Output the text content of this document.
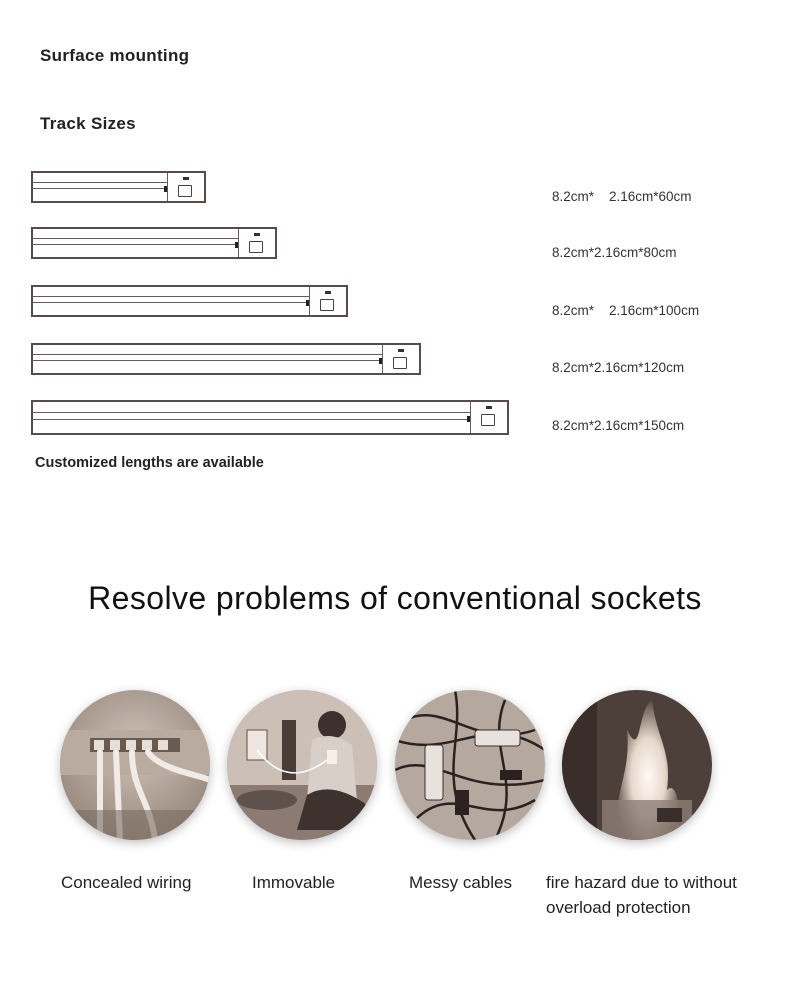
Surface mounting
Track Sizes
8.2cm*    2.16cm*60cm
8.2cm*2.16cm*80cm
8.2cm*    2.16cm*100cm
8.2cm*2.16cm*120cm
8.2cm*2.16cm*150cm
Customized lengths are available
Resolve problems of conventional sockets
Concealed wiring	Immovable	Messy cables fire hazard due to without overload protection
